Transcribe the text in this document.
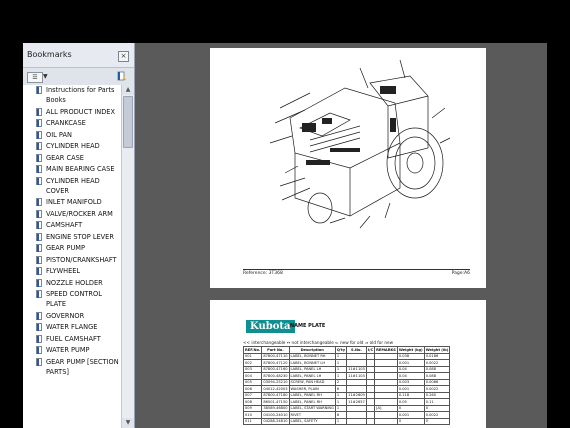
Bookmarks	×
☰ ▼
Instructions for Parts Books
ALL PRODUCT INDEX
CRANKCASE
OIL PAN
CYLINDER HEAD
GEAR CASE
MAIN BEARING CASE
CYLINDER HEAD COVER
INLET MANIFOLD
VALVE/ROCKER ARM
CAMSHAFT
ENGINE STOP LEVER
GEAR PUMP
PISTON/CRANKSHAFT
FLYWHEEL
NOZZLE HOLDER
SPEED CONTROL PLATE
GOVERNOR
WATER FLANGE
FUEL CAMSHAFT
WATER PUMP
GEAR PUMP [SECTION PARTS]
▲
▼
Reference: 3T368	Page:A6
Kubota NAME PLATE
<< interchangeable ↔ not interchangeable ⇐ new for old ⇒ old for new
REF.No.	Part No.	Description	Q'ty	S.No.	I/C	REMARKS	Weight (kg)	Weight (lb)
001	87800-47110	LABEL, BONNET RH	1				0.038	0.0186
002	87800-47120	LABEL, BONNET LH	1				0.001	0.0022
003	87800-47160	LABEL, PANEL LH	1	11#1103			0.04	0.088
004	87800-48230	LABEL, PANEL LH	1	11#1103			0.04	0.088
005	03094-25210	SCREW, PAN HEAD	2				0.003	0.0066
006	04012-42003	WASHER, PLAIN	6				0.001	0.0022
007	87800-47180	LABEL, PANEL RH	1	11#2609			0.118	0.260
008	86501-47150	LABEL, PANEL RH	1	11#2657			0.05	0.11
009	38589-46800	LABEL, START WARNING	1			[A]	0	0
010	04100-24010	RIVET	8				0.001	0.0022
011	04288-24810	LABEL, SAFETY	1				0	0
